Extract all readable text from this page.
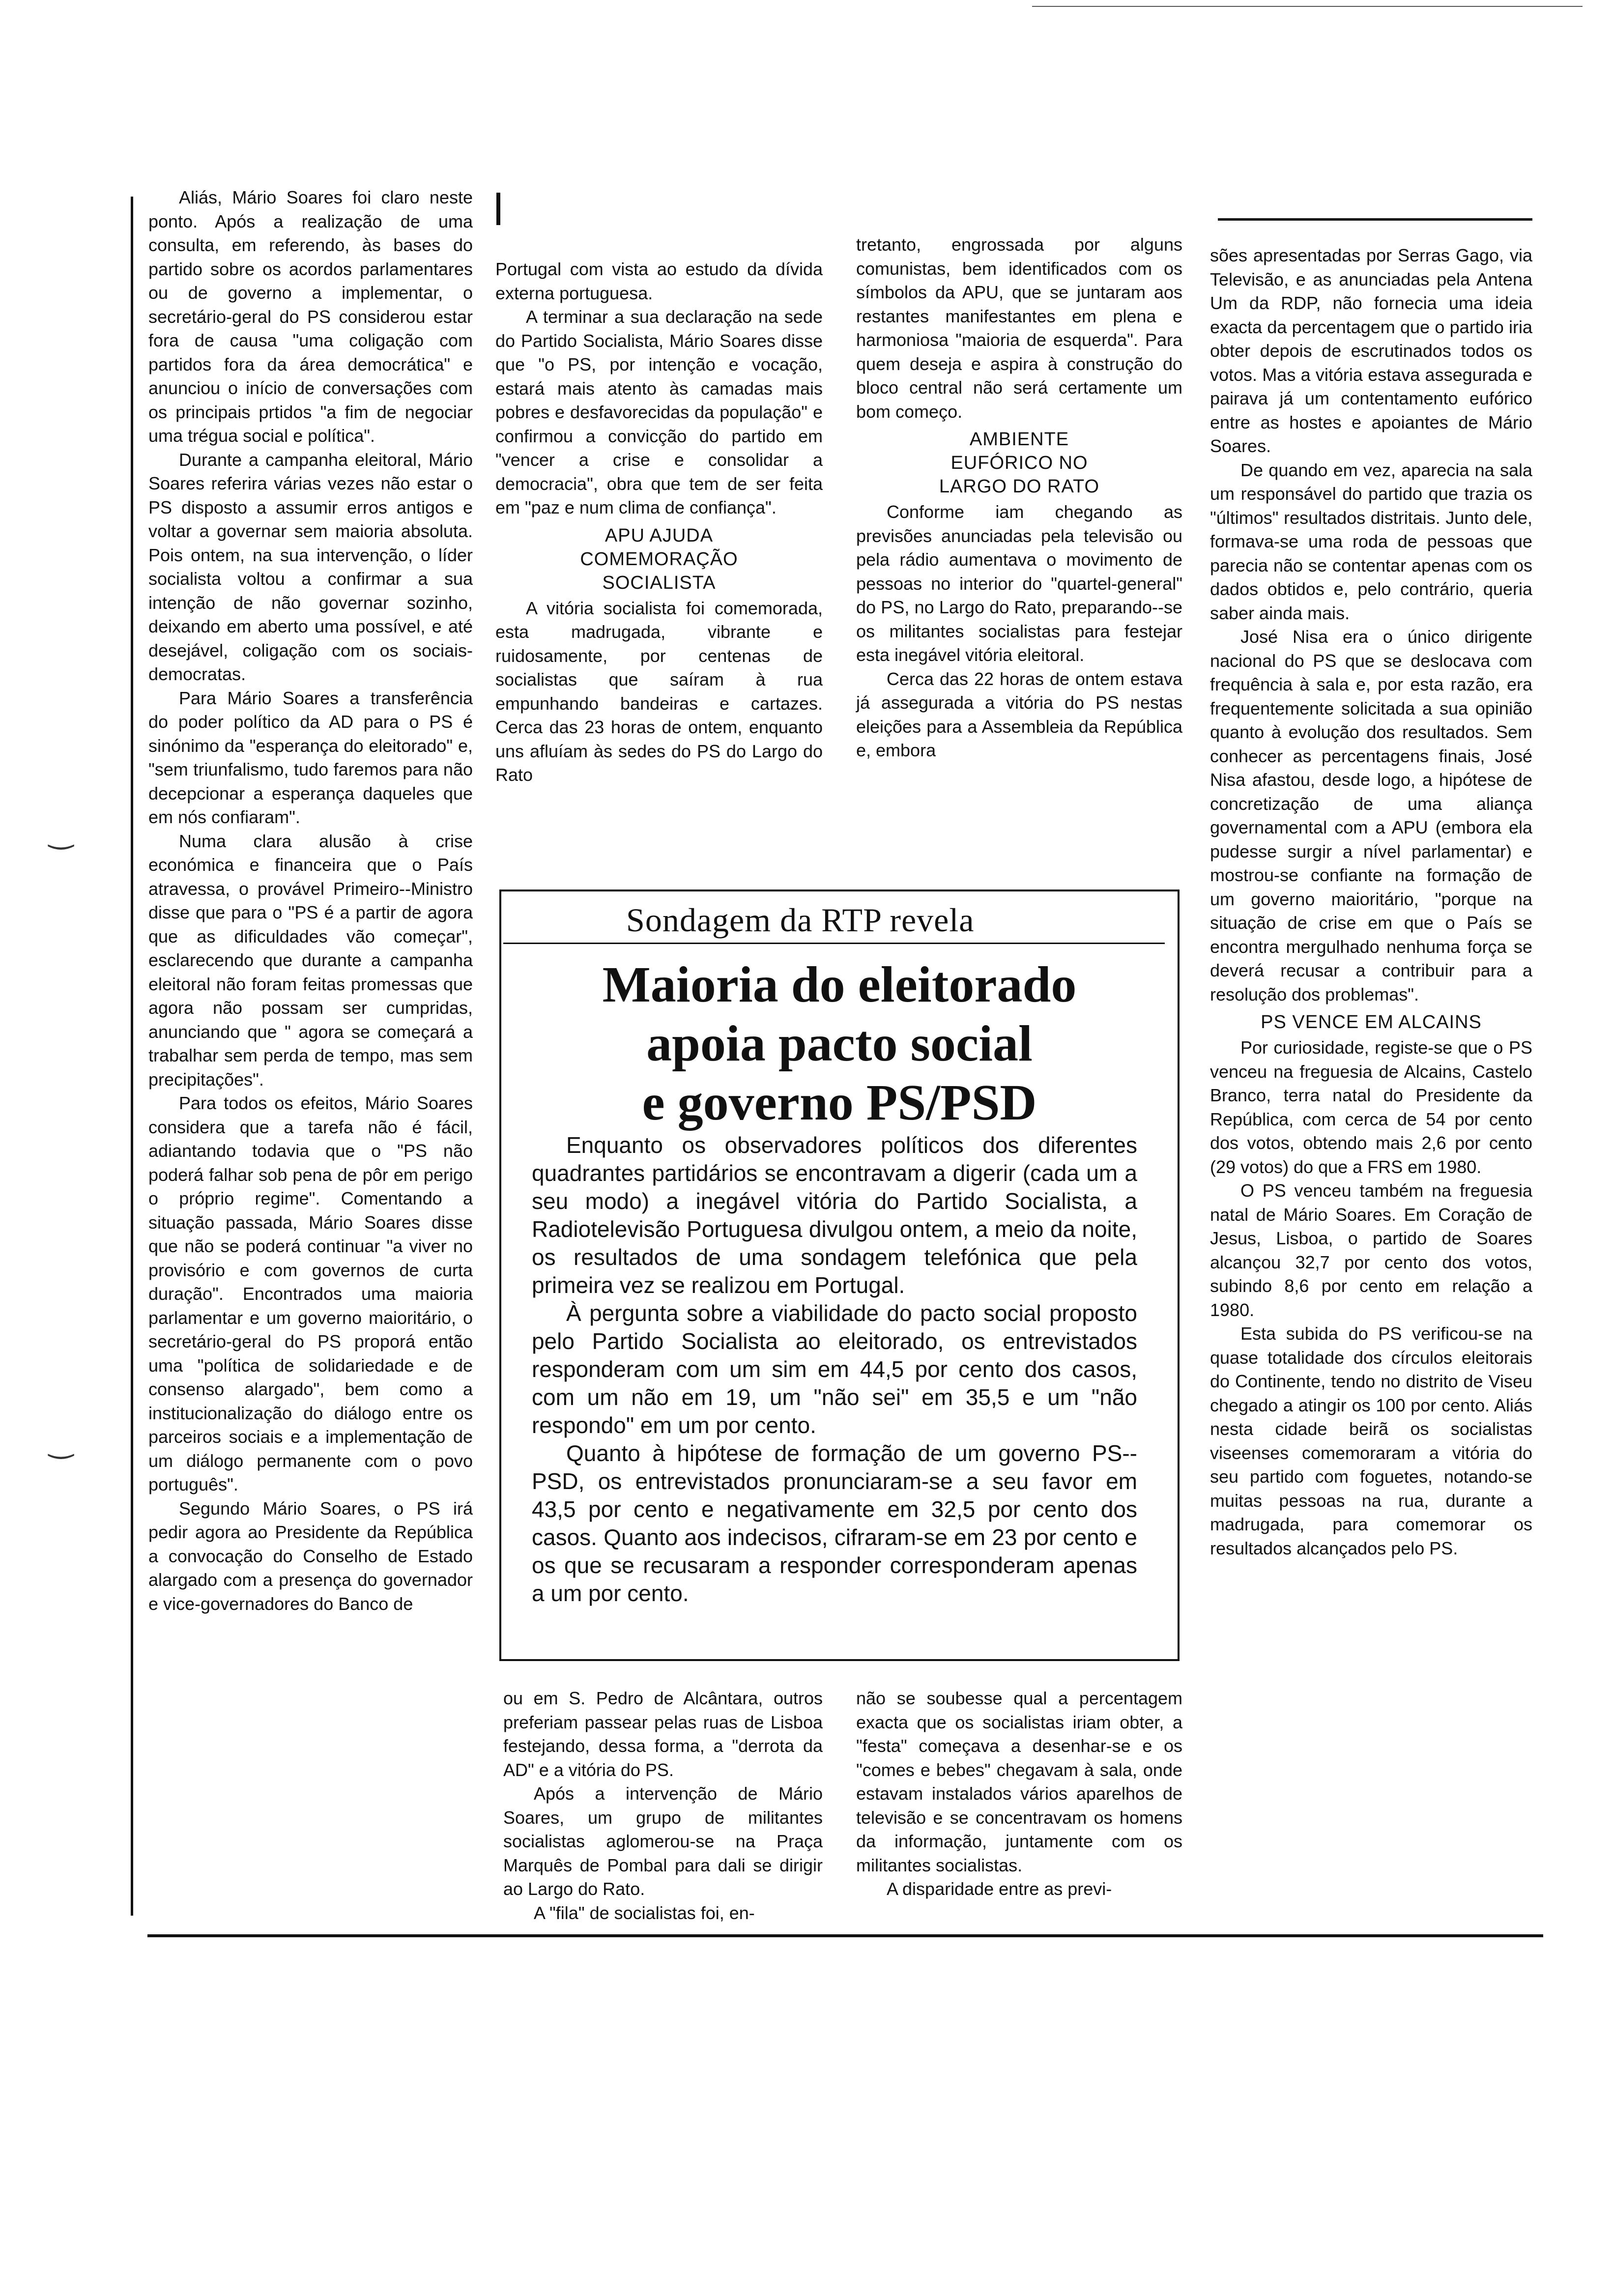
‿
‿

Aliás, Mário Soares foi claro neste ponto. Após a realização de uma consulta, em referendo, às bases do partido sobre os acordos parlamentares ou de governo a implementar, o secretário-geral do PS considerou estar fora de causa "uma coligação com partidos fora da área democrática" e anunciou o início de conversações com os principais prtidos "a fim de negociar uma trégua social e política".

Durante a campanha eleitoral, Mário Soares referira várias vezes não estar o PS disposto a assumir erros antigos e voltar a governar sem maioria absoluta. Pois ontem, na sua intervenção, o líder socialista voltou a confirmar a sua intenção de não governar sozinho, deixando em aberto uma possível, e até desejável, coligação com os sociais-democratas.

Para Mário Soares a transferência do poder político da AD para o PS é sinónimo da "esperança do eleitorado" e, "sem triunfalismo, tudo faremos para não decepcionar a esperança daqueles que em nós confiaram".

Numa clara alusão à crise económica e financeira que o País atravessa, o provável Primeiro--Ministro disse que para o "PS é a partir de agora que as dificuldades vão começar", esclarecendo que durante a campanha eleitoral não foram feitas promessas que agora não possam ser cumpridas, anunciando que " agora se começará a trabalhar sem perda de tempo, mas sem precipitações".

Para todos os efeitos, Mário Soares considera que a tarefa não é fácil, adiantando todavia que o "PS não poderá falhar sob pena de pôr em perigo o próprio regime". Comentando a situação passada, Mário Soares disse que não se poderá continuar "a viver no provisório e com governos de curta duração". Encontrados uma maioria parlamentar e um governo maioritário, o secretário-geral do PS proporá então uma "política de solidariedade e de consenso alargado", bem como a institucionalização do diálogo entre os parceiros sociais e a implementação de um diálogo permanente com o povo português".

Segundo Mário Soares, o PS irá pedir agora ao Presidente da República a convocação do Conselho de Estado alargado com a presença do governador e vice-governadores do Banco de

Portugal com vista ao estudo da dívida externa portuguesa.

A terminar a sua declaração na sede do Partido Socialista, Mário Soares disse que "o PS, por intenção e vocação, estará mais atento às camadas mais pobres e desfavorecidas da população" e confirmou a convicção do partido em "vencer a crise e consolidar a democracia", obra que tem de ser feita em "paz e num clima de confiança".

APU AJUDA
COMEMORAÇÃO
SOCIALISTA

A vitória socialista foi comemorada, esta madrugada, vibrante e ruidosamente, por centenas de socialistas que saíram à rua empunhando bandeiras e cartazes. Cerca das 23 horas de ontem, enquanto uns afluíam às sedes do PS do Largo do Rato

tretanto, engrossada por alguns comunistas, bem identificados com os símbolos da APU, que se juntaram aos restantes manifestantes em plena e harmoniosa "maioria de esquerda". Para quem deseja e aspira à construção do bloco central não será certamente um bom começo.

AMBIENTE
EUFÓRICO NO
LARGO DO RATO

Conforme iam chegando as previsões anunciadas pela televisão ou pela rádio aumentava o movimento de pessoas no interior do "quartel-general" do PS, no Largo do Rato, preparando--se os militantes socialistas para festejar esta inegável vitória eleitoral.

Cerca das 22 horas de ontem estava já assegurada a vitória do PS nestas eleições para a Assembleia da República e, embora

Sondagem da RTP revela
Maioria do eleitorado
apoia pacto social
e governo PS/PSD

Enquanto os observadores políticos dos diferentes quadrantes partidários se encontravam a digerir (cada um a seu modo) a inegável vitória do Partido Socialista, a Radiotelevisão Portuguesa divulgou ontem, a meio da noite, os resultados de uma sondagem telefónica que pela primeira vez se realizou em Portugal.

À pergunta sobre a viabilidade do pacto social proposto pelo Partido Socialista ao eleitorado, os entrevistados responderam com um sim em 44,5 por cento dos casos, com um não em 19, um "não sei" em 35,5 e um "não respondo" em um por cento.

Quanto à hipótese de formação de um governo PS--PSD, os entrevistados pronunciaram-se a seu favor em 43,5 por cento e negativamente em 32,5 por cento dos casos. Quanto aos indecisos, cifraram-se em 23 por cento e os que se recusaram a responder corresponderam apenas a um por cento.

sões apresentadas por Serras Gago, via Televisão, e as anunciadas pela Antena Um da RDP, não fornecia uma ideia exacta da percentagem que o partido iria obter depois de escrutinados todos os votos. Mas a vitória estava assegurada e pairava já um contentamento eufórico entre as hostes e apoiantes de Mário Soares.

De quando em vez, aparecia na sala um responsável do partido que trazia os "últimos" resultados distritais. Junto dele, formava-se uma roda de pessoas que parecia não se contentar apenas com os dados obtidos e, pelo contrário, queria saber ainda mais.

José Nisa era o único dirigente nacional do PS que se deslocava com frequência à sala e, por esta razão, era frequentemente solicitada a sua opinião quanto à evolução dos resultados. Sem conhecer as percentagens finais, José Nisa afastou, desde logo, a hipótese de concretização de uma aliança governamental com a APU (embora ela pudesse surgir a nível parlamentar) e mostrou-se confiante na formação de um governo maioritário, "porque na situação de crise em que o País se encontra mergulhado nenhuma força se deverá recusar a contribuir para a resolução dos problemas".

PS VENCE EM ALCAINS

Por curiosidade, registe-se que o PS venceu na freguesia de Alcains, Castelo Branco, terra natal do Presidente da República, com cerca de 54 por cento dos votos, obtendo mais 2,6 por cento (29 votos) do que a FRS em 1980.

O PS venceu também na freguesia natal de Mário Soares. Em Coração de Jesus, Lisboa, o partido de Soares alcançou 32,7 por cento dos votos, subindo 8,6 por cento em relação a 1980.

Esta subida do PS verificou-se na quase totalidade dos círculos eleitorais do Continente, tendo no distrito de Viseu chegado a atingir os 100 por cento. Aliás nesta cidade beirã os socialistas viseenses comemoraram a vitória do seu partido com foguetes, notando-se muitas pessoas na rua, durante a madrugada, para comemorar os resultados alcançados pelo PS.

ou em S. Pedro de Alcântara, outros preferiam passear pelas ruas de Lisboa festejando, dessa forma, a "derrota da AD" e a vitória do PS.

Após a intervenção de Mário Soares, um grupo de militantes socialistas aglomerou-se na Praça Marquês de Pombal para dali se dirigir ao Largo do Rato.

A "fila" de socialistas foi, en-

não se soubesse qual a percentagem exacta que os socialistas iriam obter, a "festa" começava a desenhar-se e os "comes e bebes" chegavam à sala, onde estavam instalados vários aparelhos de televisão e se concentravam os homens da informação, juntamente com os militantes socialistas.

A disparidade entre as previ-
